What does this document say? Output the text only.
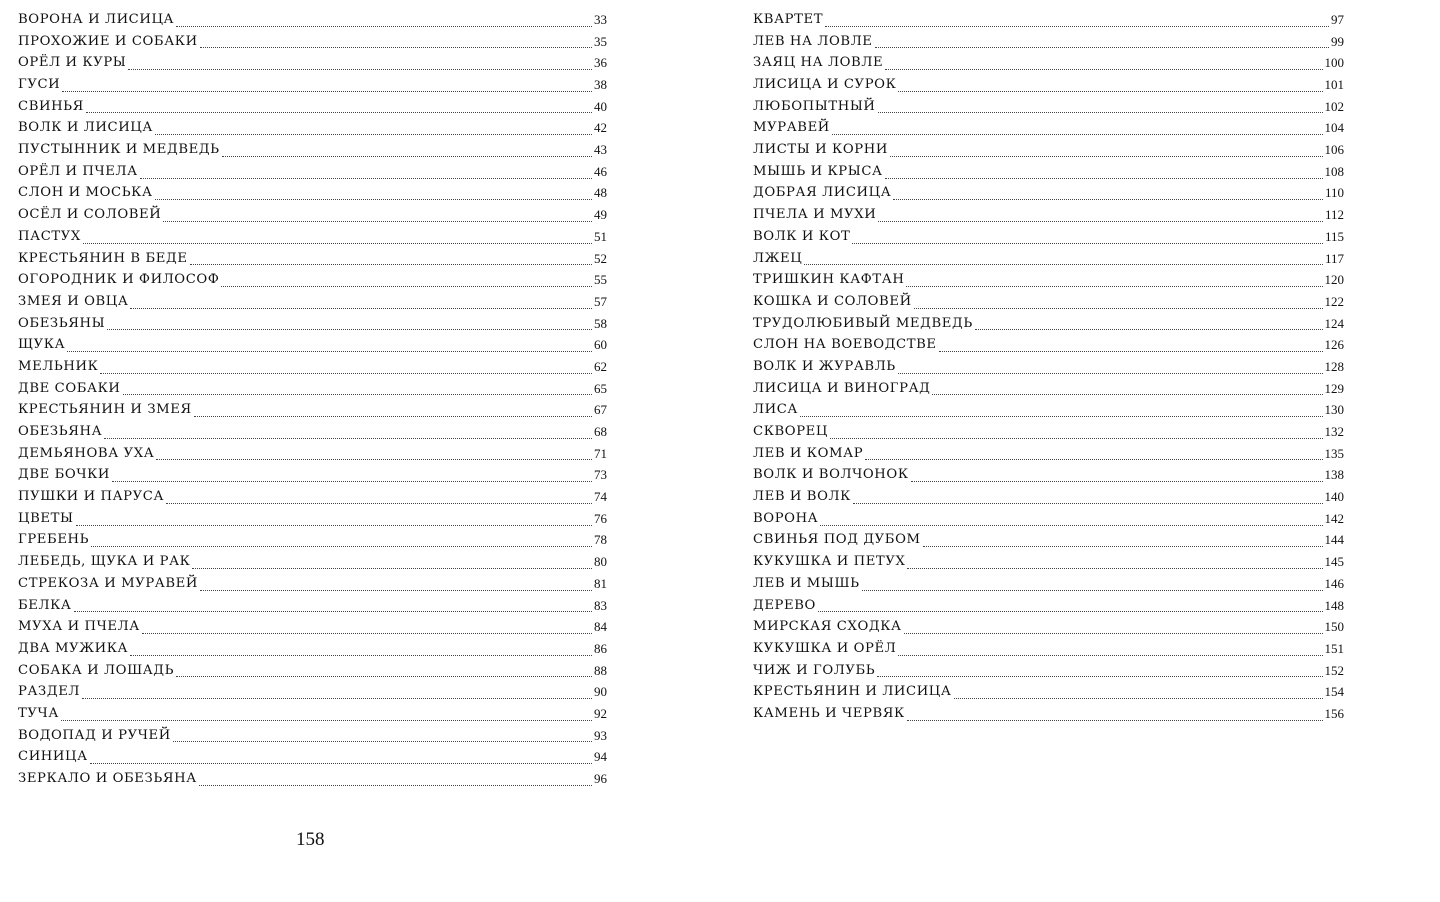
ВОРОНА И ЛИСИЦА	33
ПРОХОЖИЕ И СОБАКИ	35
ОРЁЛ И КУРЫ	36
ГУСИ	38
СВИНЬЯ	40
ВОЛК И ЛИСИЦА	42
ПУСТЫННИК И МЕДВЕДЬ	43
ОРЁЛ И ПЧЕЛА	46
СЛОН И МОСЬКА	48
ОСЁЛ И СОЛОВЕЙ	49
ПАСТУХ	51
КРЕСТЬЯНИН В БЕДЕ	52
ОГОРОДНИК И ФИЛОСОФ	55
ЗМЕЯ И ОВЦА	57
ОБЕЗЬЯНЫ	58
ЩУКА	60
МЕЛЬНИК	62
ДВЕ СОБАКИ	65
КРЕСТЬЯНИН И ЗМЕЯ	67
ОБЕЗЬЯНА	68
ДЕМЬЯНОВА УХА	71
ДВЕ БОЧКИ	73
ПУШКИ И ПАРУСА	74
ЦВЕТЫ	76
ГРЕБЕНЬ	78
ЛЕБЕДЬ, ЩУКА И РАК	80
СТРЕКОЗА И МУРАВЕЙ	81
БЕЛКА	83
МУХА И ПЧЕЛА	84
ДВА МУЖИКА	86
СОБАКА И ЛОШАДЬ	88
РАЗДЕЛ	90
ТУЧА	92
ВОДОПАД И РУЧЕЙ	93
СИНИЦА	94
ЗЕРКАЛО И ОБЕЗЬЯНА	96
КВАРТЕТ	97
ЛЕВ НА ЛОВЛЕ	99
ЗАЯЦ НА ЛОВЛЕ	100
ЛИСИЦА И СУРОК	101
ЛЮБОПЫТНЫЙ	102
МУРАВЕЙ	104
ЛИСТЫ И КОРНИ	106
МЫШЬ И КРЫСА	108
ДОБРАЯ ЛИСИЦА	110
ПЧЕЛА И МУХИ	112
ВОЛК И КОТ	115
ЛЖЕЦ	117
ТРИШКИН КАФТАН	120
КОШКА И СОЛОВЕЙ	122
ТРУДОЛЮБИВЫЙ МЕДВЕДЬ	124
СЛОН НА ВОЕВОДСТВЕ	126
ВОЛК И ЖУРАВЛЬ	128
ЛИСИЦА И ВИНОГРАД	129
ЛИСА	130
СКВОРЕЦ	132
ЛЕВ И КОМАР	135
ВОЛК И ВОЛЧОНОК	138
ЛЕВ И ВОЛК	140
ВОРОНА	142
СВИНЬЯ ПОД ДУБОМ	144
КУКУШКА И ПЕТУХ	145
ЛЕВ И МЫШЬ	146
ДЕРЕВО	148
МИРСКАЯ СХОДКА	150
КУКУШКА И ОРЁЛ	151
ЧИЖ И ГОЛУБЬ	152
КРЕСТЬЯНИН И ЛИСИЦА	154
КАМЕНЬ И ЧЕРВЯК	156
158
